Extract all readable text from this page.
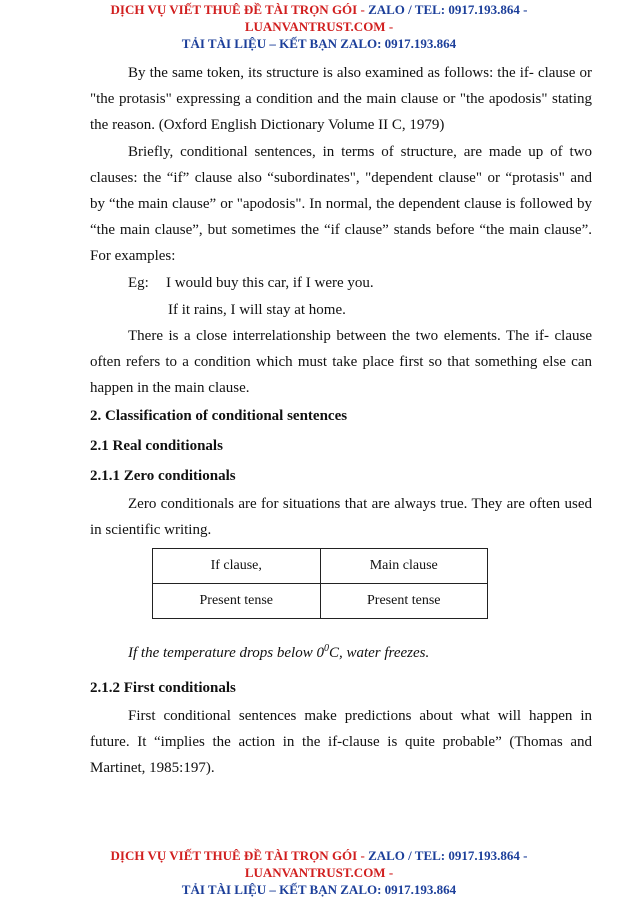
DỊCH VỤ VIẾT THUÊ ĐỀ TÀI TRỌN GÓI - ZALO / TEL: 0917.193.864 -
LUANVANTRUST.COM -
TẢI TÀI LIỆU – KẾT BẠN ZALO: 0917.193.864

By the same token, its structure is also examined as follows: the if- clause or "the protasis" expressing a condition and the main clause or "the apodosis" stating the reason. (Oxford English Dictionary Volume II C, 1979)

Briefly, conditional sentences, in terms of structure, are made up of two clauses: the “if” clause also “subordinates", "dependent clause" or “protasis" and by “the main clause” or "apodosis". In normal, the dependent clause is followed by “the main clause”, but sometimes the “if clause” stands before “the main clause”. For examples:

Eg: I would buy this car, if I were you.

If it rains, I will stay at home.

There is a close interrelationship between the two elements. The if- clause often refers to a condition which must take place first so that something else can happen in the main clause.

2. Classification of conditional sentences
2.1 Real conditionals
2.1.1 Zero conditionals

Zero conditionals are for situations that are always true. They are often used in scientific writing.

If clause,	Main clause
Present tense	Present tense

If the temperature drops below $0^0C$, water freezes.

2.1.2 First conditionals

First conditional sentences make predictions about what will happen in future. It “implies the action in the if-clause is quite probable” (Thomas and Martinet, 1985:197).

DỊCH VỤ VIẾT THUÊ ĐỀ TÀI TRỌN GÓI - ZALO / TEL: 0917.193.864 -
LUANVANTRUST.COM -
TẢI TÀI LIỆU – KẾT BẠN ZALO: 0917.193.864
